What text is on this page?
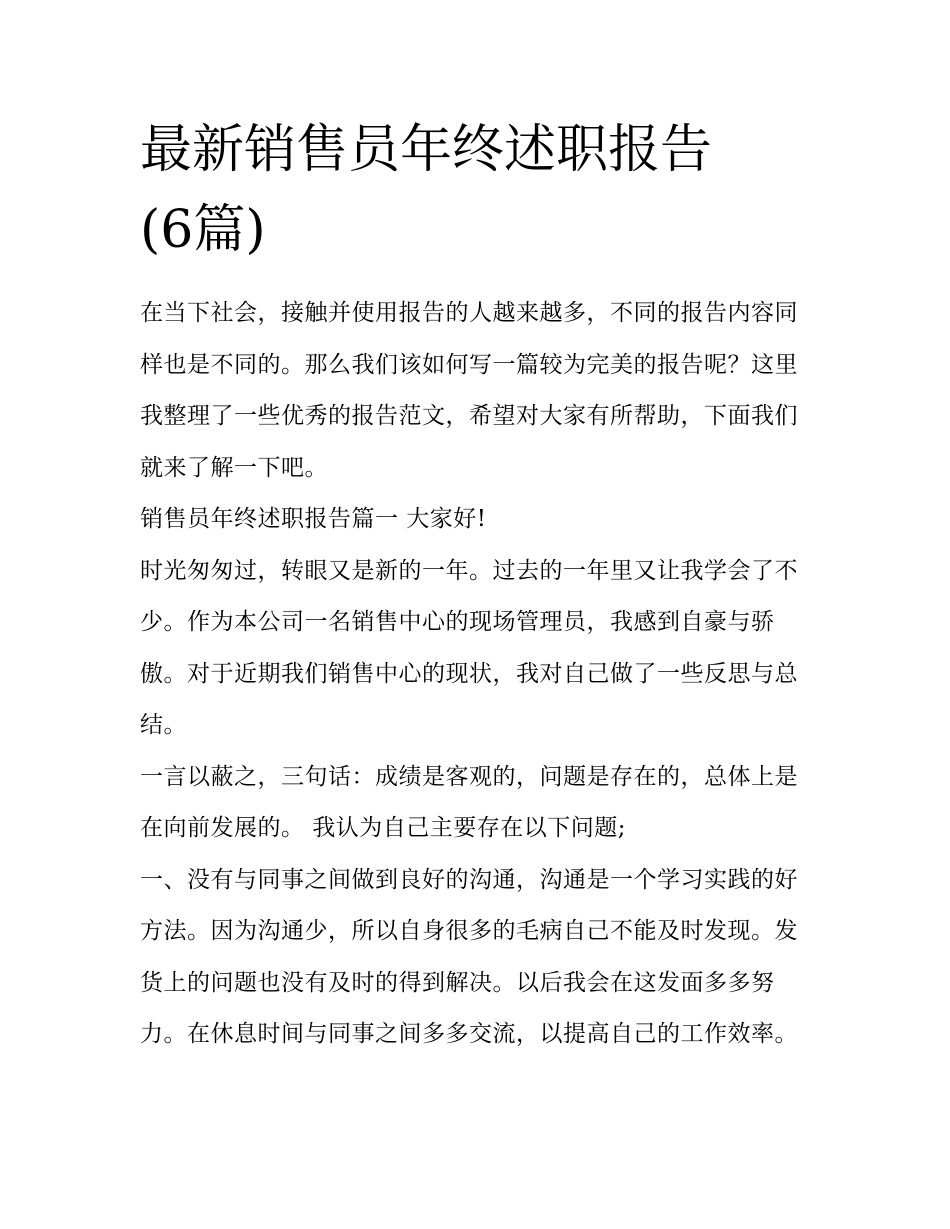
最新销售员年终述职报告(6篇)

在当下社会，接触并使用报告的人越来越多，不同的报告内容同样也是不同的。那么我们该如何写一篇较为完美的报告呢？这里我整理了一些优秀的报告范文，希望对大家有所帮助，下面我们就来了解一下吧。

销售员年终述职报告篇一 大家好!

时光匆匆过，转眼又是新的一年。过去的一年里又让我学会了不少。作为本公司一名销售中心的现场管理员，我感到自豪与骄傲。对于近期我们销售中心的现状，我对自己做了一些反思与总结。

一言以蔽之，三句话：成绩是客观的，问题是存在的，总体上是在向前发展的。 我认为自己主要存在以下问题;

一、没有与同事之间做到良好的沟通，沟通是一个学习实践的好方法。因为沟通少，所以自身很多的毛病自己不能及时发现。发货上的问题也没有及时的得到解决。以后我会在这发面多多努力。在休息时间与同事之间多多交流，以提高自己的工作效率。
